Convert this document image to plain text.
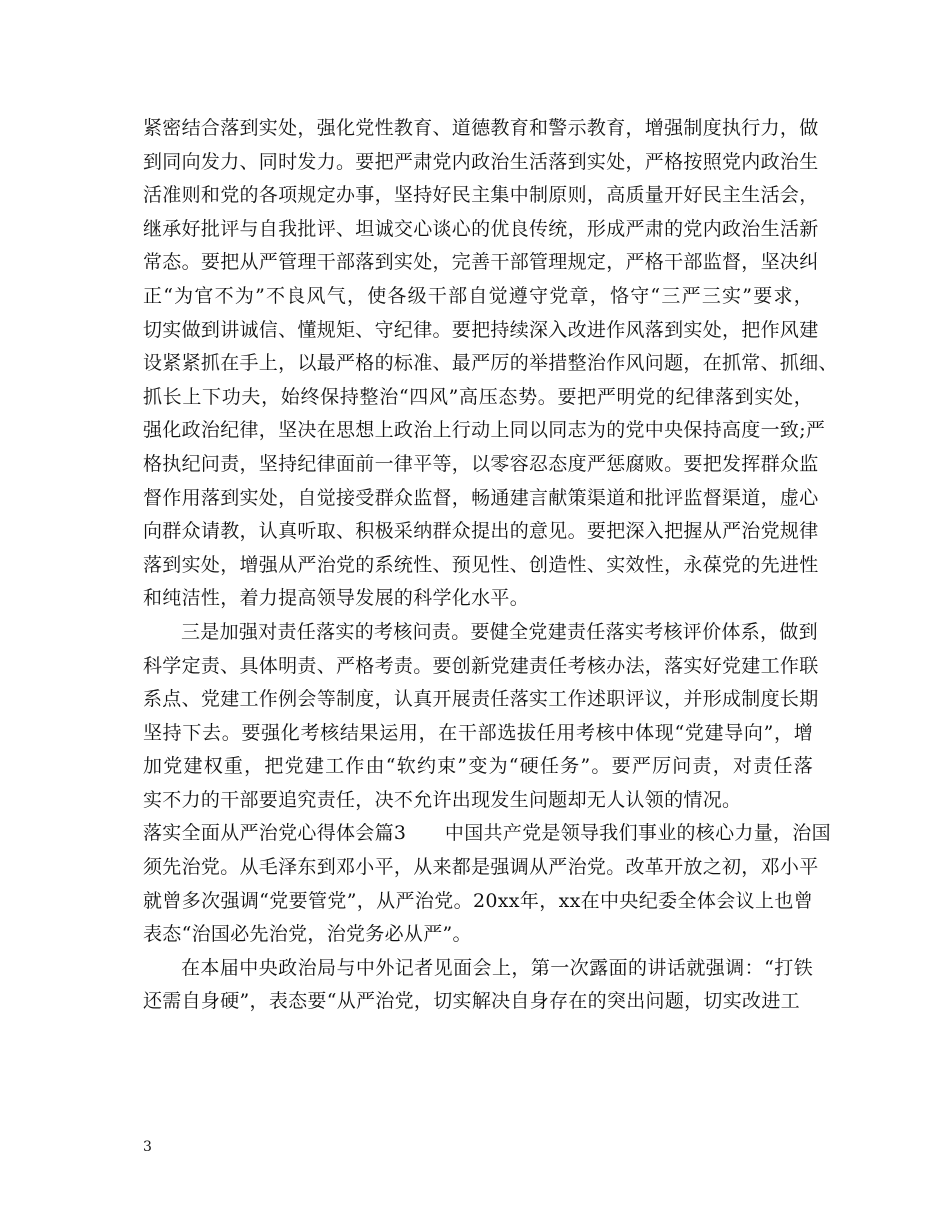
紧密结合落到实处，强化党性教育、道德教育和警示教育，增强制度执行力，做
到同向发力、同时发力。要把严肃党内政治生活落到实处，严格按照党内政治生
活准则和党的各项规定办事，坚持好民主集中制原则，高质量开好民主生活会，
继承好批评与自我批评、坦诚交心谈心的优良传统，形成严肃的党内政治生活新
常态。要把从严管理干部落到实处，完善干部管理规定，严格干部监督，坚决纠
正“为官不为”不良风气，使各级干部自觉遵守党章，恪守“三严三实”要求，
切实做到讲诚信、懂规矩、守纪律。要把持续深入改进作风落到实处，把作风建
设紧紧抓在手上，以最严格的标准、最严厉的举措整治作风问题，在抓常、抓细、
抓长上下功夫，始终保持整治“四风”高压态势。要把严明党的纪律落到实处，
强化政治纪律，坚决在思想上政治上行动上同以同志为的党中央保持高度一致;严
格执纪问责，坚持纪律面前一律平等，以零容忍态度严惩腐败。要把发挥群众监
督作用落到实处，自觉接受群众监督，畅通建言献策渠道和批评监督渠道，虚心
向群众请教，认真听取、积极采纳群众提出的意见。要把深入把握从严治党规律
落到实处，增强从严治党的系统性、预见性、创造性、实效性，永葆党的先进性
和纯洁性，着力提高领导发展的科学化水平。
三是加强对责任落实的考核问责。要健全党建责任落实考核评价体系，做到
科学定责、具体明责、严格考责。要创新党建责任考核办法，落实好党建工作联
系点、党建工作例会等制度，认真开展责任落实工作述职评议，并形成制度长期
坚持下去。要强化考核结果运用，在干部选拔任用考核中体现“党建导向”，增
加党建权重，把党建工作由“软约束”变为“硬任务”。要严厉问责，对责任落
实不力的干部要追究责任，决不允许出现发生问题却无人认领的情况。
落实全面从严治党心得体会篇3　　中国共产党是领导我们事业的核心力量，治国
须先治党。从毛泽东到邓小平，从来都是强调从严治党。改革开放之初，邓小平
就曾多次强调“党要管党”，从严治党。20xx年，xx在中央纪委全体会议上也曾
表态“治国必先治党，治党务必从严”。
在本届中央政治局与中外记者见面会上，第一次露面的讲话就强调：“打铁
还需自身硬”，表态要“从严治党，切实解决自身存在的突出问题，切实改进工
3
